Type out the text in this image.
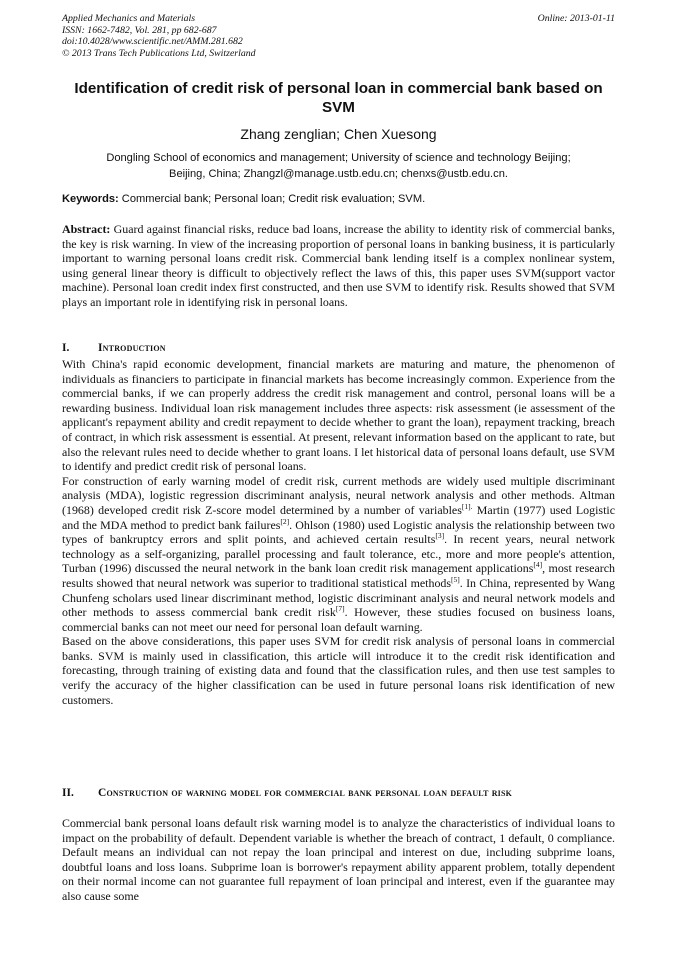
Applied Mechanics and Materials
ISSN: 1662-7482, Vol. 281, pp 682-687
doi:10.4028/www.scientific.net/AMM.281.682
© 2013 Trans Tech Publications Ltd, Switzerland
Online: 2013-01-11
Identification of credit risk of personal loan in commercial bank based on SVM
Zhang zenglian; Chen Xuesong
Dongling School of economics and management; University of science and technology Beijing;
Beijing, China; Zhangzl@manage.ustb.edu.cn; chenxs@ustb.edu.cn.
Keywords: Commercial bank; Personal loan; Credit risk evaluation; SVM.

Abstract: Guard against financial risks, reduce bad loans, increase the ability to identity risk of commercial banks, the key is risk warning. In view of the increasing proportion of personal loans in banking business, it is particularly important to warning personal loans credit risk. Commercial bank lending itself is a complex nonlinear system, using general linear theory is difficult to objectively reflect the laws of this, this paper uses SVM(support vactor machine). Personal loan credit index first constructed, and then use SVM to identify risk. Results showed that SVM plays an important role in identifying risk in personal loans.

I. Introduction

With China's rapid economic development, financial markets are maturing and mature, the phenomenon of individuals as financiers to participate in financial markets has become increasingly common. Experience from the commercial banks, if we can properly address the credit risk management and control, personal loans will be a rewarding business. Individual loan risk management includes three aspects: risk assessment (ie assessment of the applicant's repayment ability and credit repayment to decide whether to grant the loan), repayment tracking, breach of contract, in which risk assessment is essential. At present, relevant information based on the applicant to rate, but also the relevant rules need to decide whether to grant loans. I let historical data of personal loans default, use SVM to identify and predict credit risk of personal loans.

For construction of early warning model of credit risk, current methods are widely used multiple discriminant analysis (MDA), logistic regression discriminant analysis, neural network analysis and other methods. Altman (1968) developed credit risk Z-score model determined by a number of variables$^{[1].}$ Martin (1977) used Logistic and the MDA method to predict bank failures[2]. Ohlson (1980) used Logistic analysis the relationship between two types of bankruptcy errors and split points, and achieved certain results[3]. In recent years, neural network technology as a self-organizing, parallel processing and fault tolerance, etc., more and more people's attention, Turban (1996) discussed the neural network in the bank loan credit risk management applications[4], most research results showed that neural network was superior to traditional statistical methods[5]. In China, represented by Wang Chunfeng scholars used linear discriminant method, logistic discriminant analysis and neural network models and other methods to assess commercial bank credit risk[7]. However, these studies focused on business loans, commercial banks can not meet our need for personal loan default warning.

Based on the above considerations, this paper uses SVM for credit risk analysis of personal loans in commercial banks. SVM is mainly used in classification, this article will introduce it to the credit risk identification and forecasting, through training of existing data and found that the classification rules, and then use test samples to verify the accuracy of the higher classification can be used in future personal loans risk identification of new customers.

II. Construction of warning model for commercial bank personal loan default risk

Commercial bank personal loans default risk warning model is to analyze the characteristics of individual loans to impact on the probability of default. Dependent variable is whether the breach of contract, 1 default, 0 compliance. Default means an individual can not repay the loan principal and interest on due, including subprime loans, doubtful loans and loss loans. Subprime loan is borrower's repayment ability apparent problem, totally dependent on their normal income can not guarantee full repayment of loan principal and interest, even if the guarantee may also cause some
